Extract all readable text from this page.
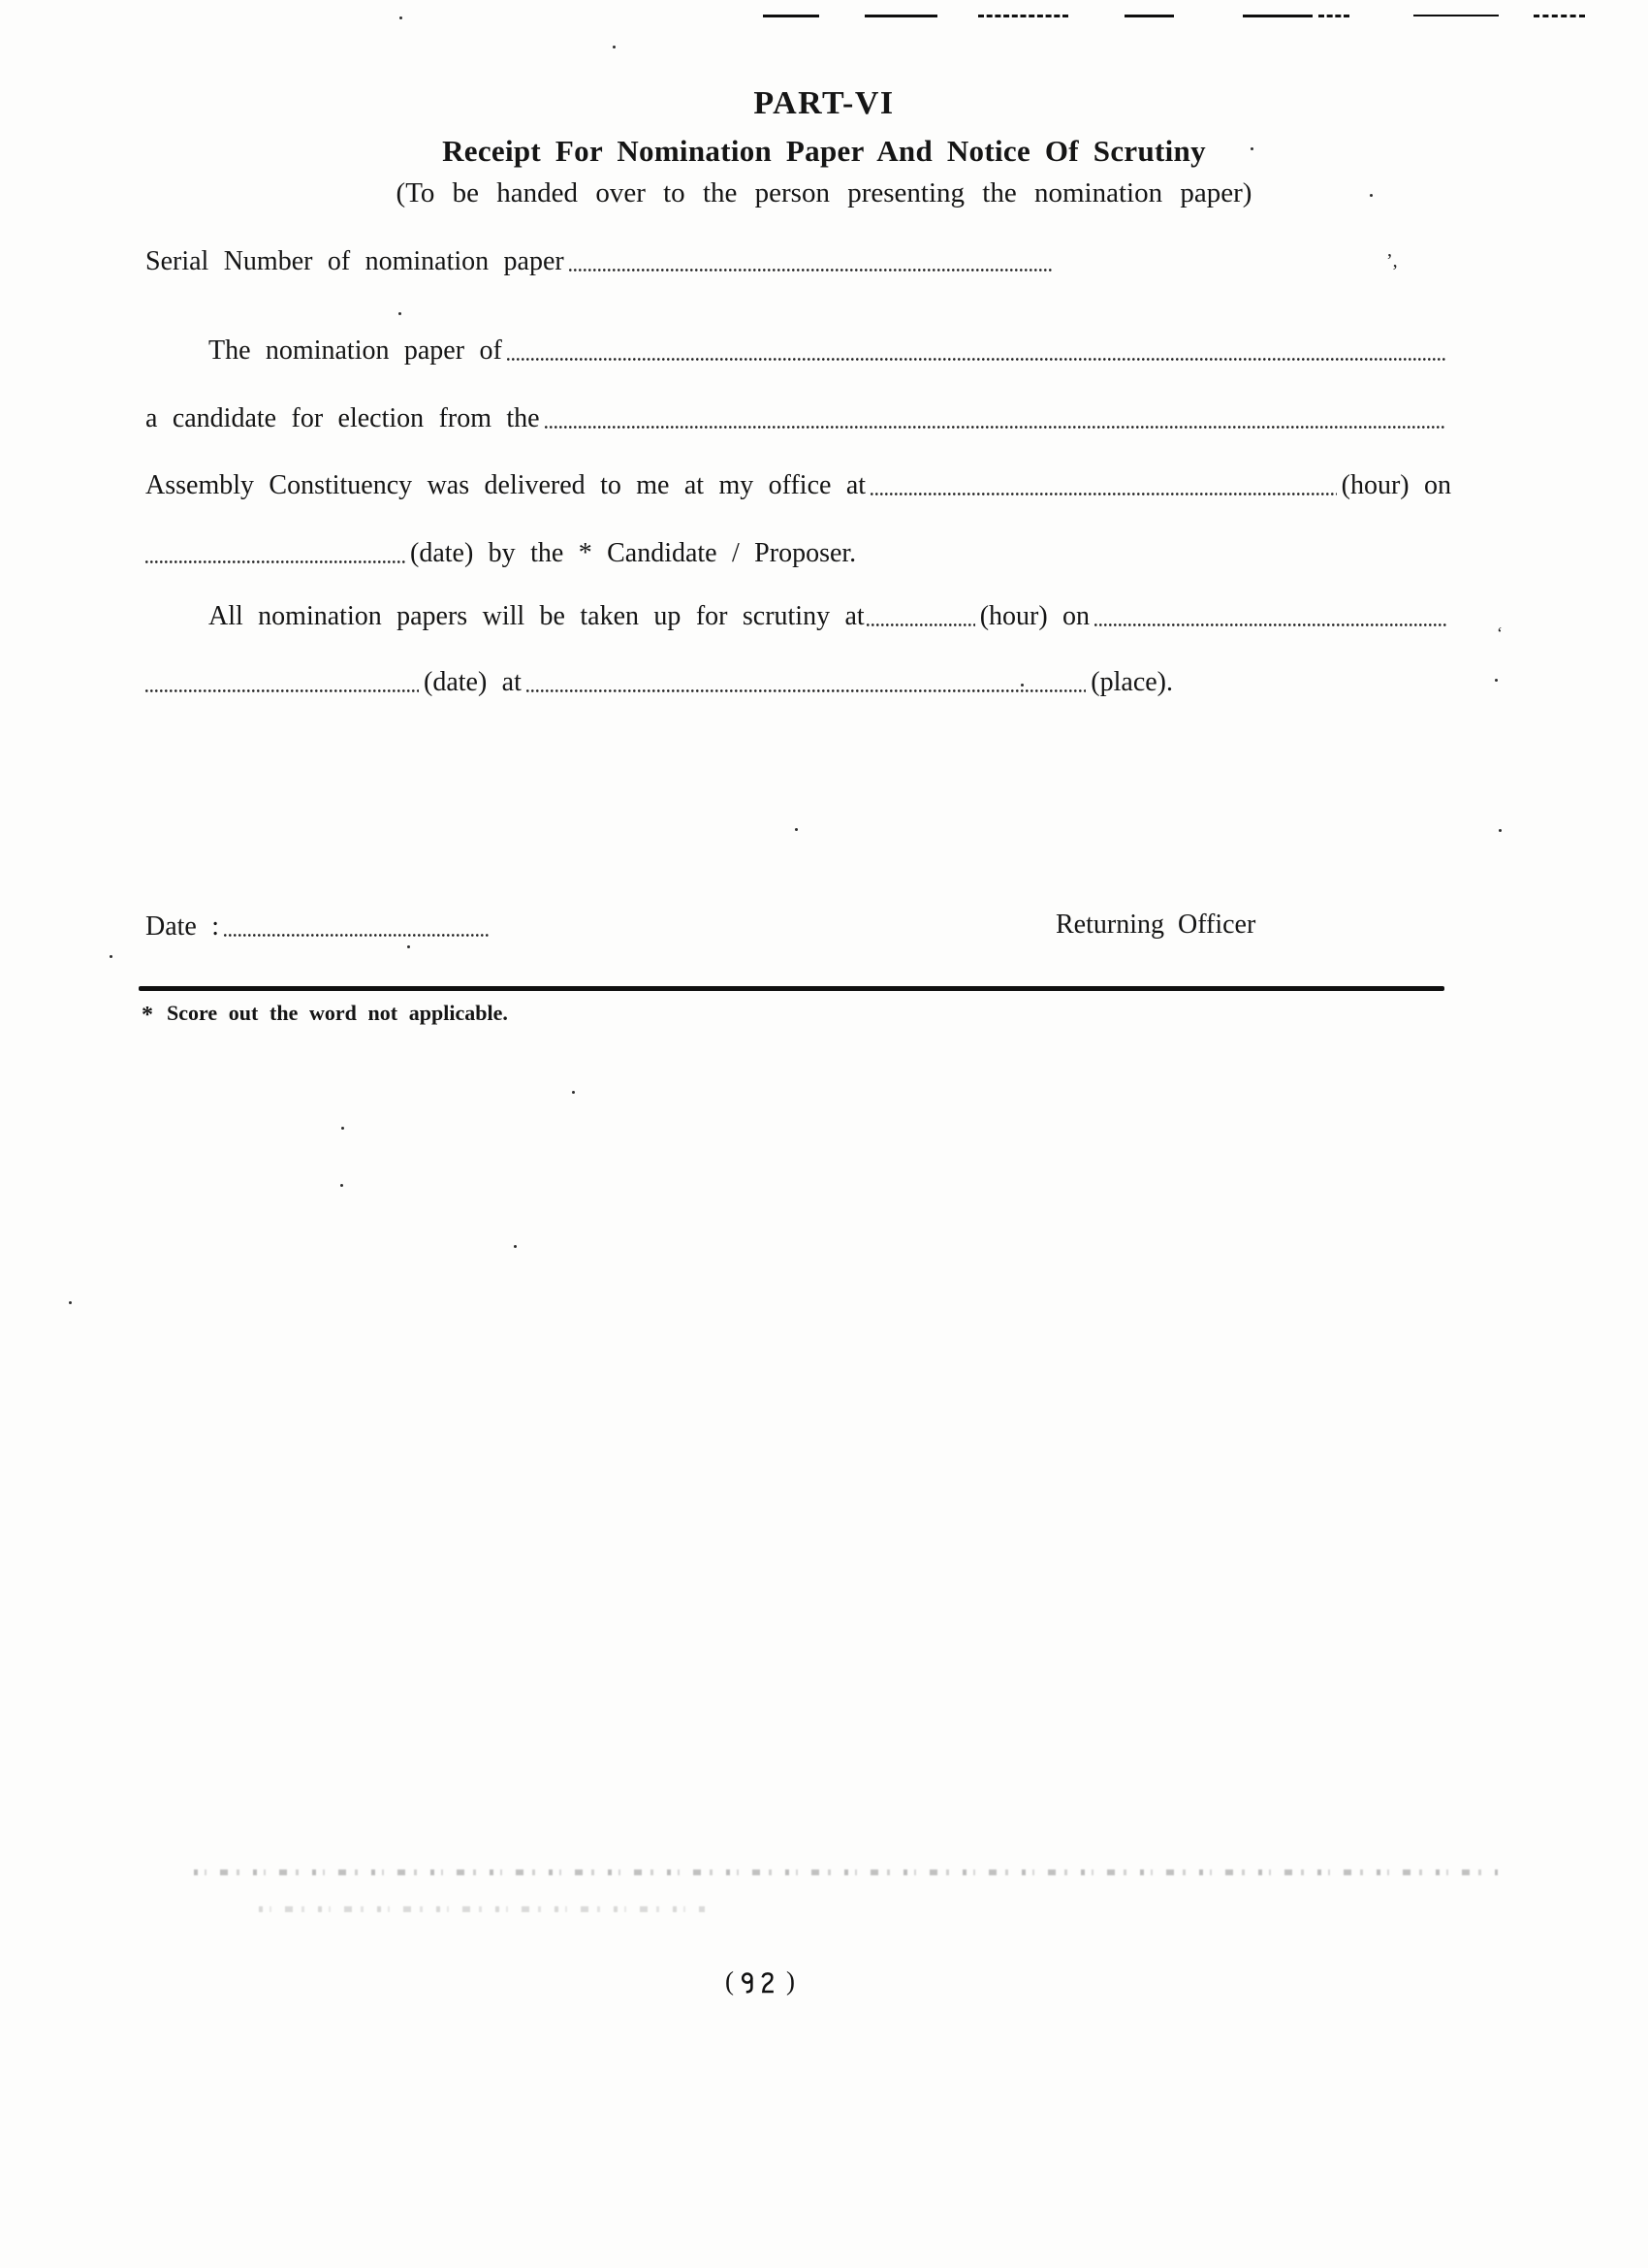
PART-VI
Receipt For Nomination Paper And Notice Of Scrutiny
(To be handed over to the person presenting the nomination paper)
Serial Number of nomination paper
The nomination paper of
a candidate for election from the
Assembly Constituency was delivered to me at my office at	(hour) on
(date) by the * Candidate / Proposer.
All nomination papers will be taken up for scrutiny at	(hour) on
(date) at	(place).
Date :	Returning Officer
* Score out the word not applicable.
( )
’,
ʻ
